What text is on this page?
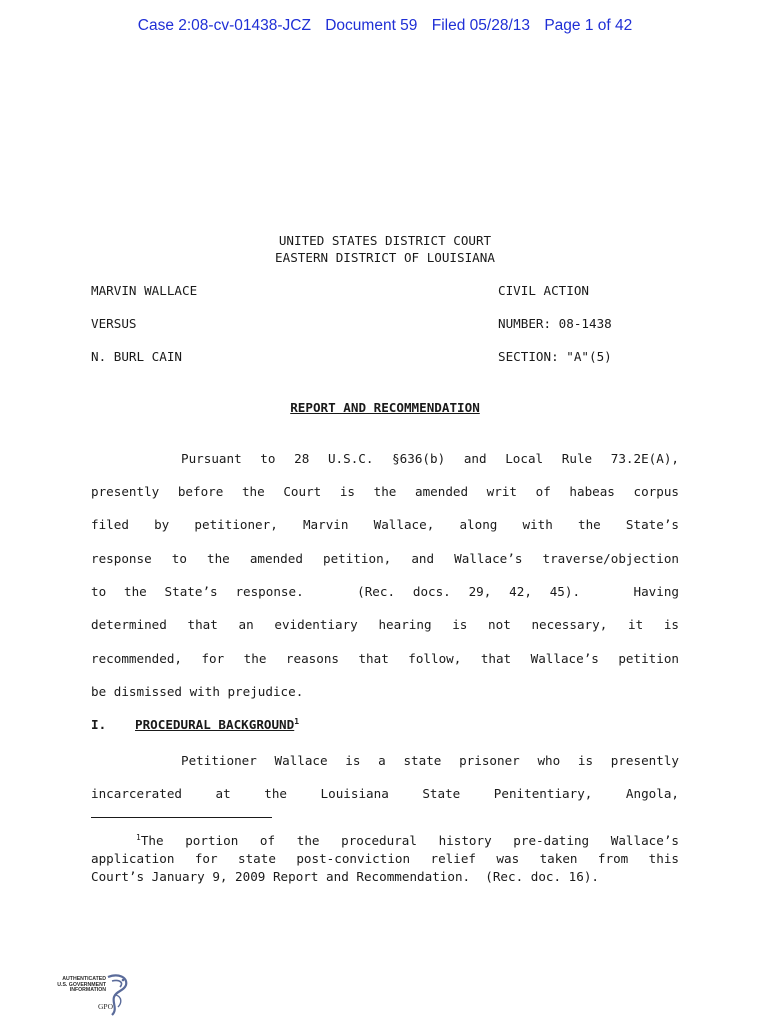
Case 2:08-cv-01438-JCZ Document 59 Filed 05/28/13 Page 1 of 42
UNITED STATES DISTRICT COURT
EASTERN DISTRICT OF LOUISIANA
MARVIN WALLACE
VERSUS
N. BURL CAIN
CIVIL ACTION
NUMBER: 08-1438
SECTION: "A"(5)
REPORT AND RECOMMENDATION
Pursuant to 28 U.S.C. §636(b) and Local Rule 73.2E(A),
presently before the Court is the amended writ of habeas corpus
filed by petitioner, Marvin Wallace, along with the State’s
response to the amended petition, and Wallace’s traverse/objection
to the State’s response.   (Rec. docs. 29, 42, 45).   Having
determined that an evidentiary hearing is not necessary, it is
recommended, for the reasons that follow, that Wallace’s petition
be dismissed with prejudice.
I. PROCEDURAL BACKGROUND$^1$
Petitioner Wallace is a state prisoner who is presently
incarcerated at the Louisiana State Penitentiary, Angola,
$^1$The portion of the procedural history pre-dating Wallace’s
application for state post-conviction relief was taken from this
Court’s January 9, 2009 Report and Recommendation.  (Rec. doc. 16).
AUTHENTICATED
U.S. GOVERNMENT
INFORMATION
GPO
